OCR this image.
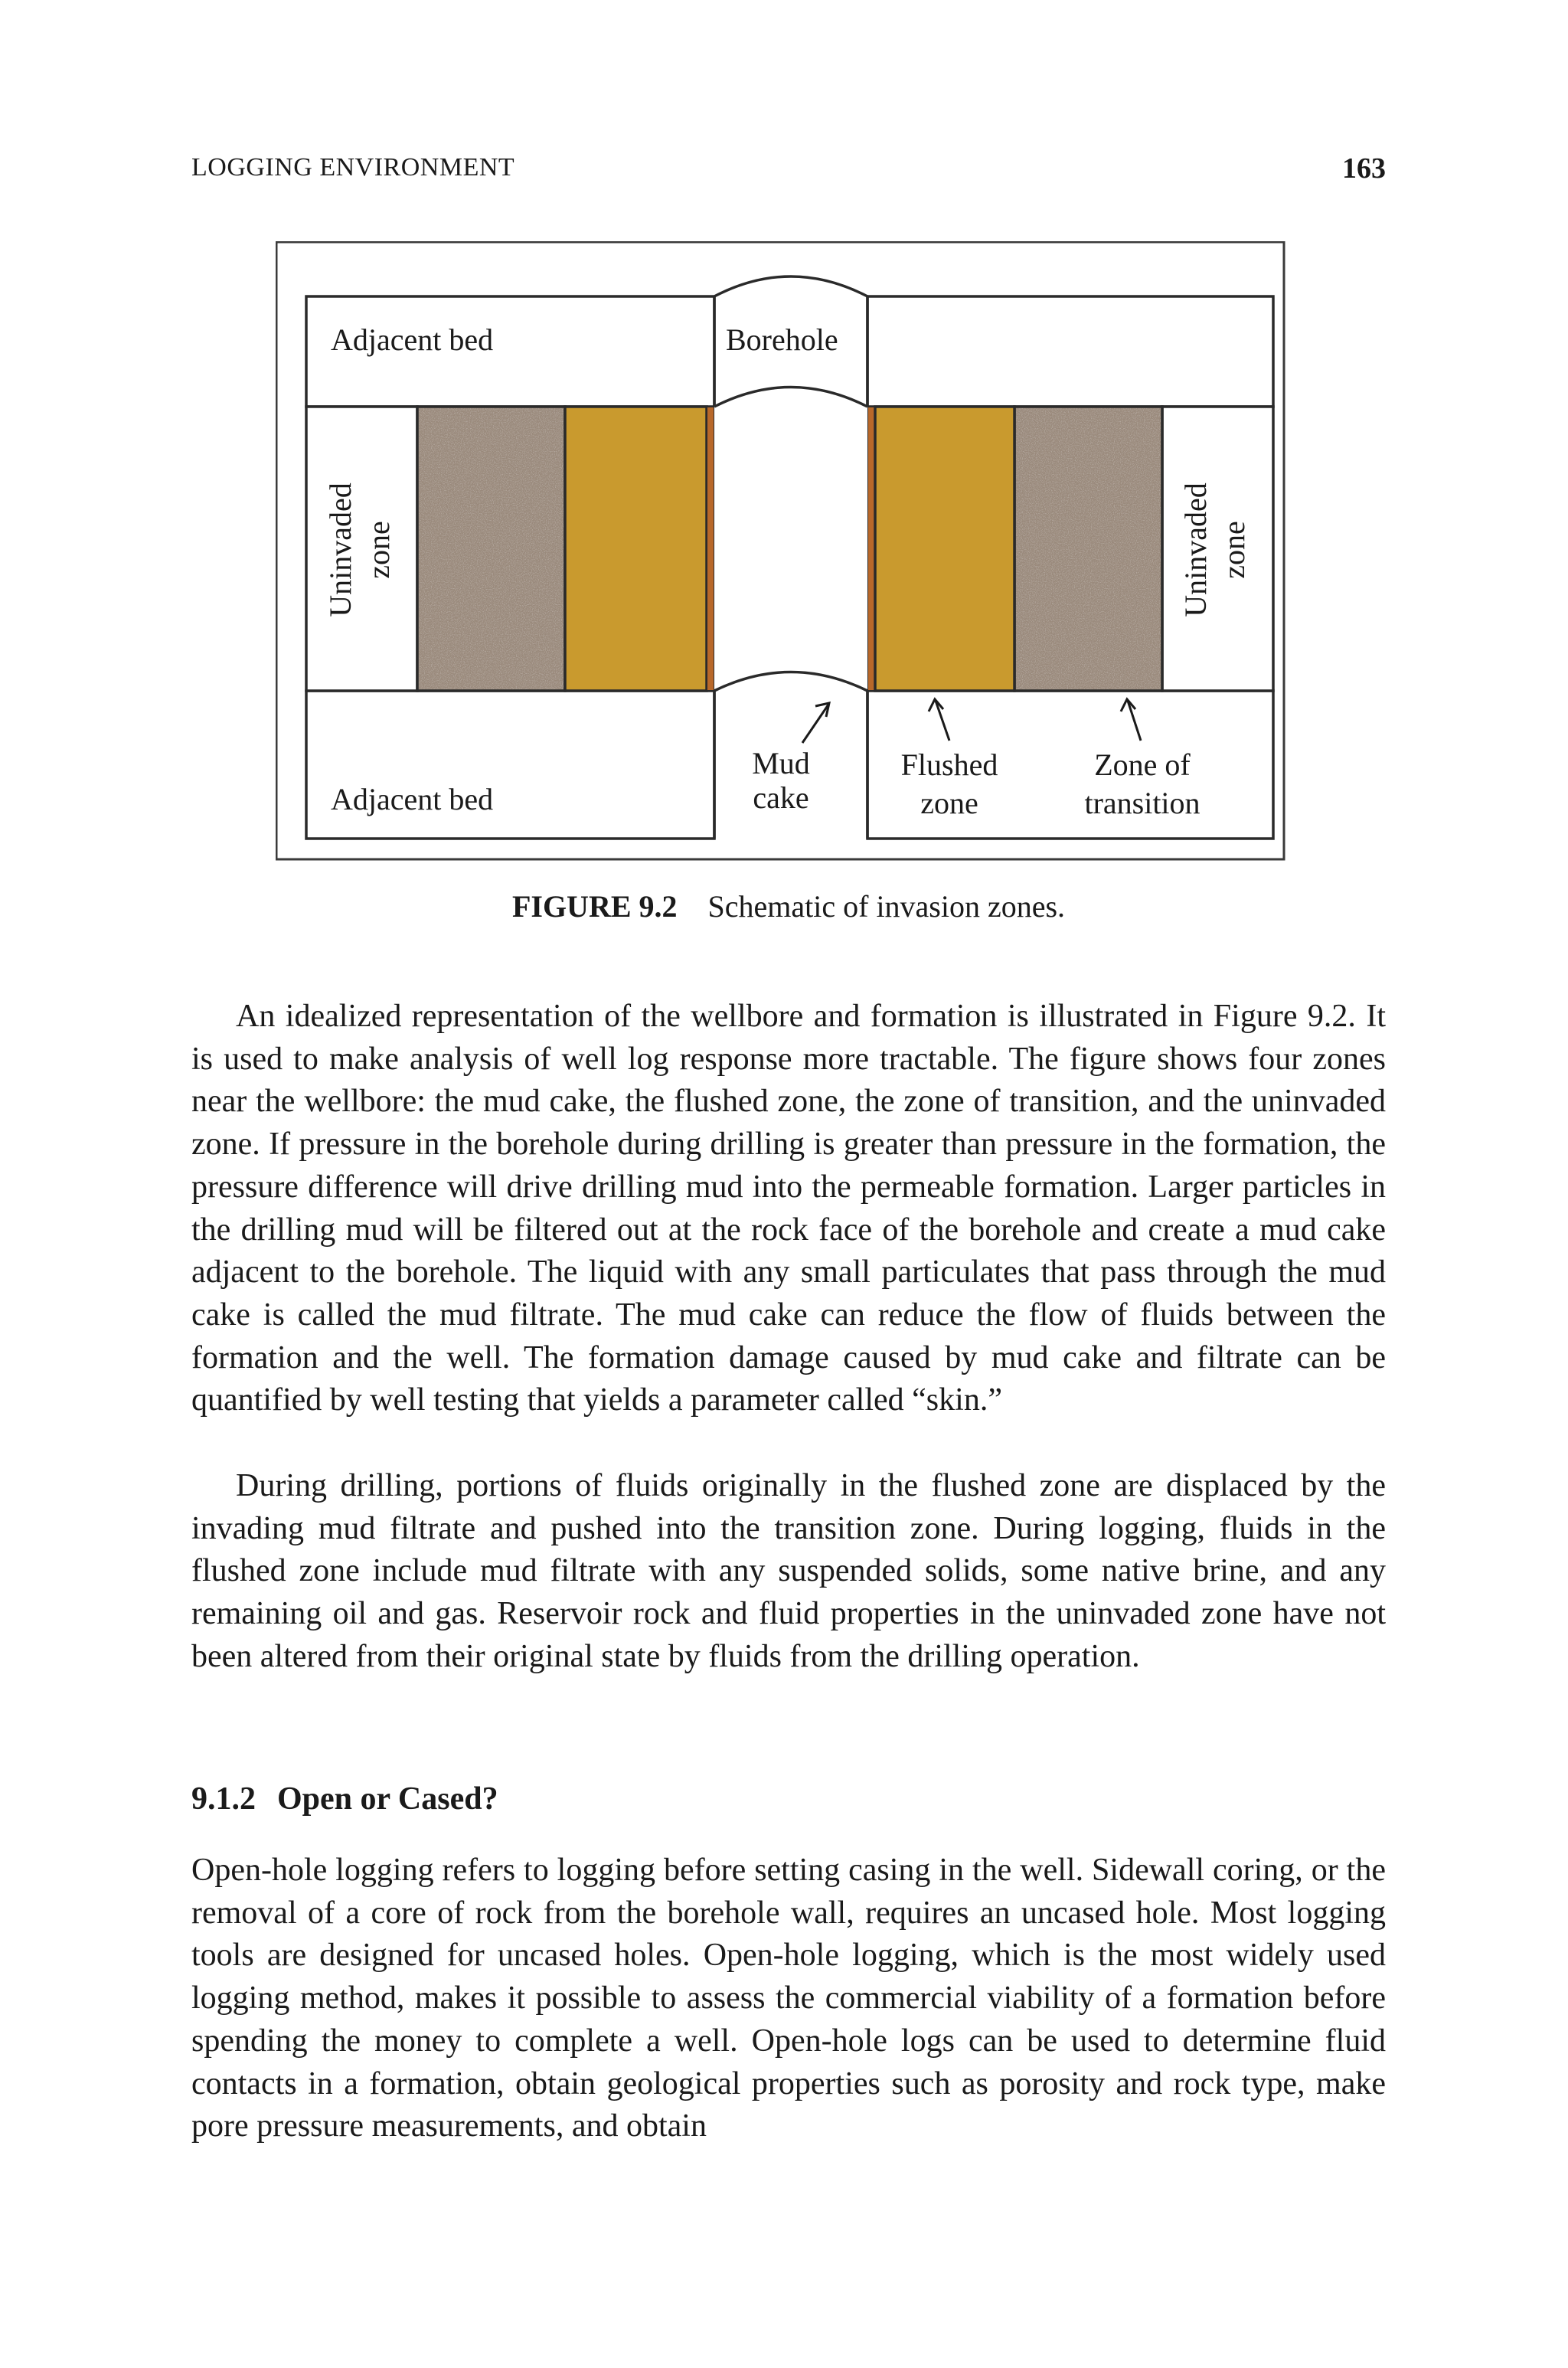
LOGGING ENVIRONMENT	163
Adjacent bed	Borehole
Adjacent bed
Mud
cake
Flushed
zone
Zone of
transition
Uninvaded zone	Uninvaded zone
FIGURE 9.2 Schematic of invasion zones.

An idealized representation of the wellbore and formation is illustrated in Figure 9.2. It is used to make analysis of well log response more tractable. The figure shows four zones near the wellbore: the mud cake, the flushed zone, the zone of transition, and the uninvaded zone. If pressure in the borehole during drilling is greater than pressure in the formation, the pressure difference will drive drilling mud into the permeable formation. Larger particles in the drilling mud will be filtered out at the rock face of the borehole and create a mud cake adjacent to the borehole. The liquid with any small particulates that pass through the mud cake is called the mud filtrate. The mud cake can reduce the flow of fluids between the formation and the well. The formation damage caused by mud cake and filtrate can be quantified by well testing that yields a parameter called “skin.”

During drilling, portions of fluids originally in the flushed zone are displaced by the invading mud filtrate and pushed into the transition zone. During logging, fluids in the flushed zone include mud filtrate with any suspended solids, some native brine, and any remaining oil and gas. Reservoir rock and fluid properties in the uninvaded zone have not been altered from their original state by fluids from the drilling operation.

9.1.2 Open or Cased?

Open-hole logging refers to logging before setting casing in the well. Sidewall coring, or the removal of a core of rock from the borehole wall, requires an uncased hole. Most logging tools are designed for uncased holes. Open-hole logging, which is the most widely used logging method, makes it possible to assess the commercial viability of a formation before spending the money to complete a well. Open-hole logs can be used to determine fluid contacts in a formation, obtain geological properties such as porosity and rock type, make pore pressure measurements, and obtain
